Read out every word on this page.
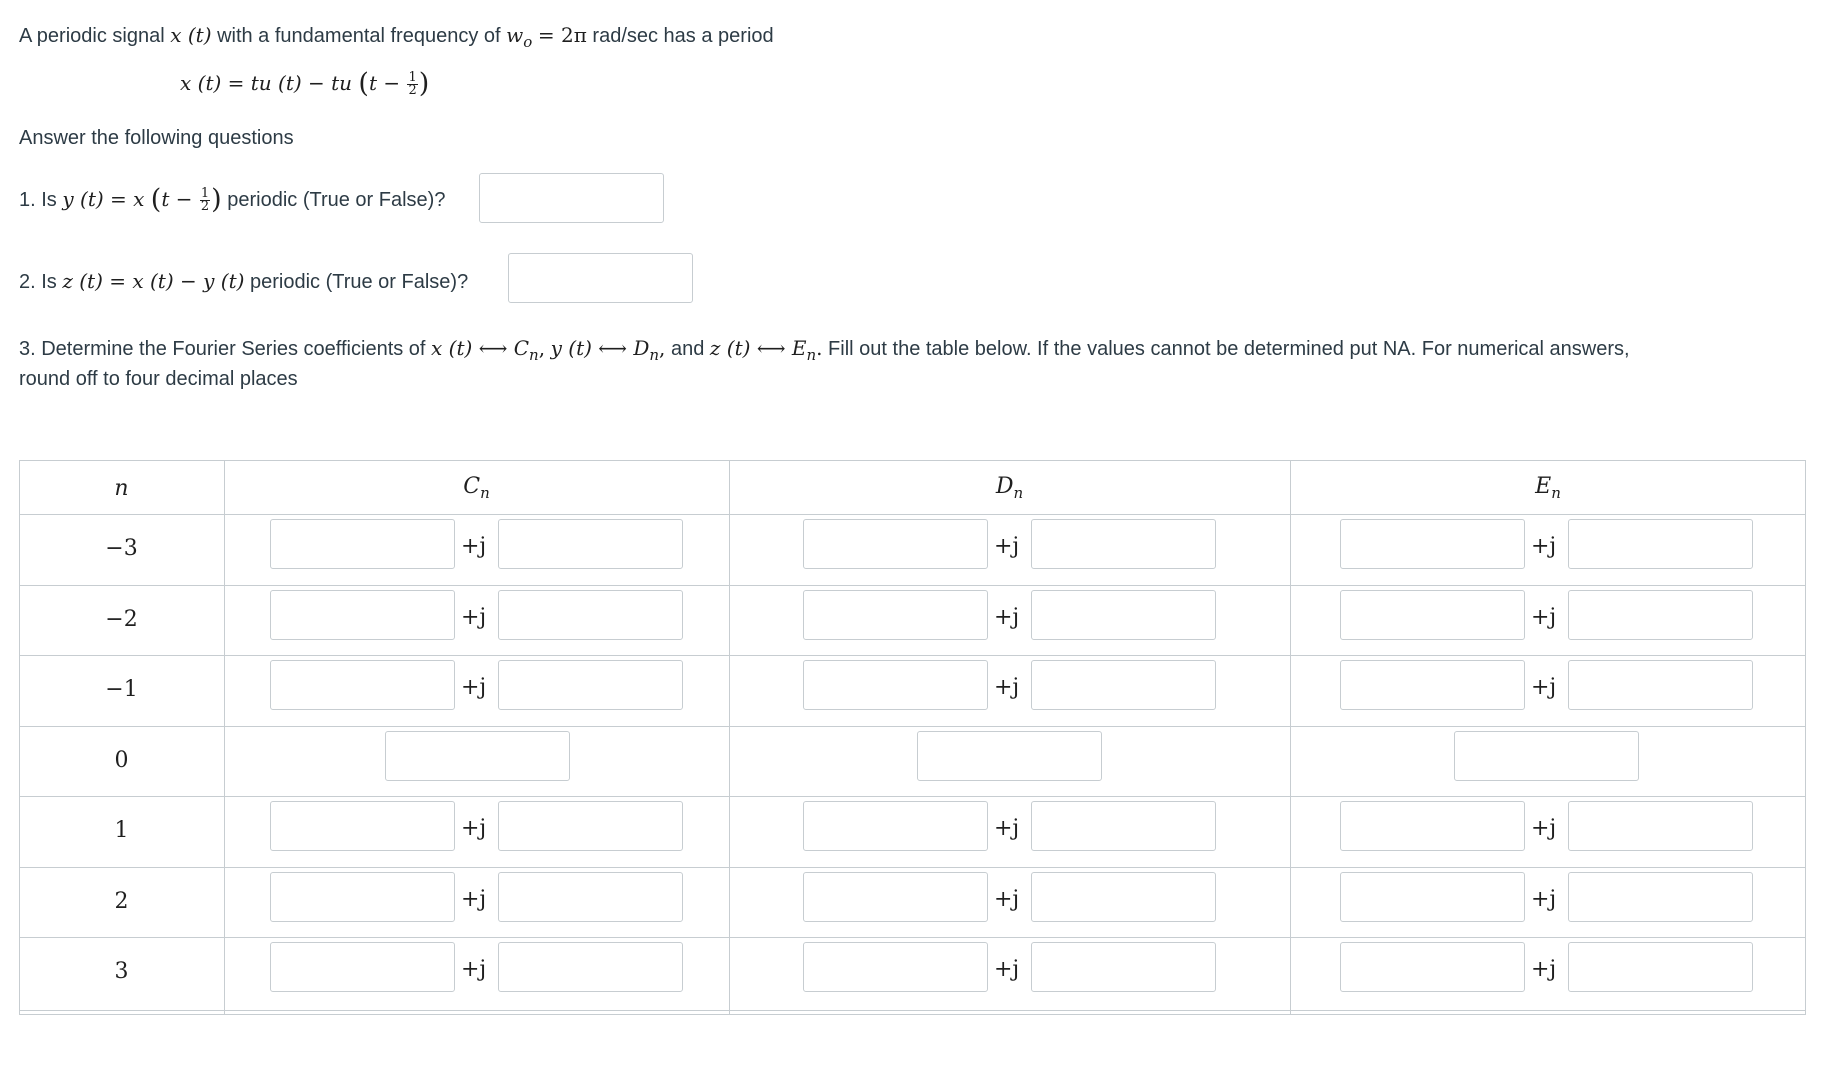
A periodic signal x (t) with a fundamental frequency of $w_o = 2\pi$ rad/sec has a period
x (t) = tu (t) − tu ($t - \frac{1}{2}$ )
Answer the following questions
1. Is y (t) = x ($t - \frac{1}{2}$ ) periodic (True or False)?
2. Is z (t) = x (t) − y (t) periodic (True or False)?
3. Determine the Fourier Series coefficients of x (t) ⟷ $C_n$, y (t) ⟷ $D_n$, and z (t) ⟷ $E_n$. Fill out the table below. If the values cannot be determined put NA. For numerical answers,
round off to four decimal places
n	$C_n$	$D_n$	$E_n$
−3	+j	+j	+j
−2	+j	+j	+j
−1	+j	+j	+j
0
1	+j	+j	+j
2	+j	+j	+j
3	+j	+j	+j
